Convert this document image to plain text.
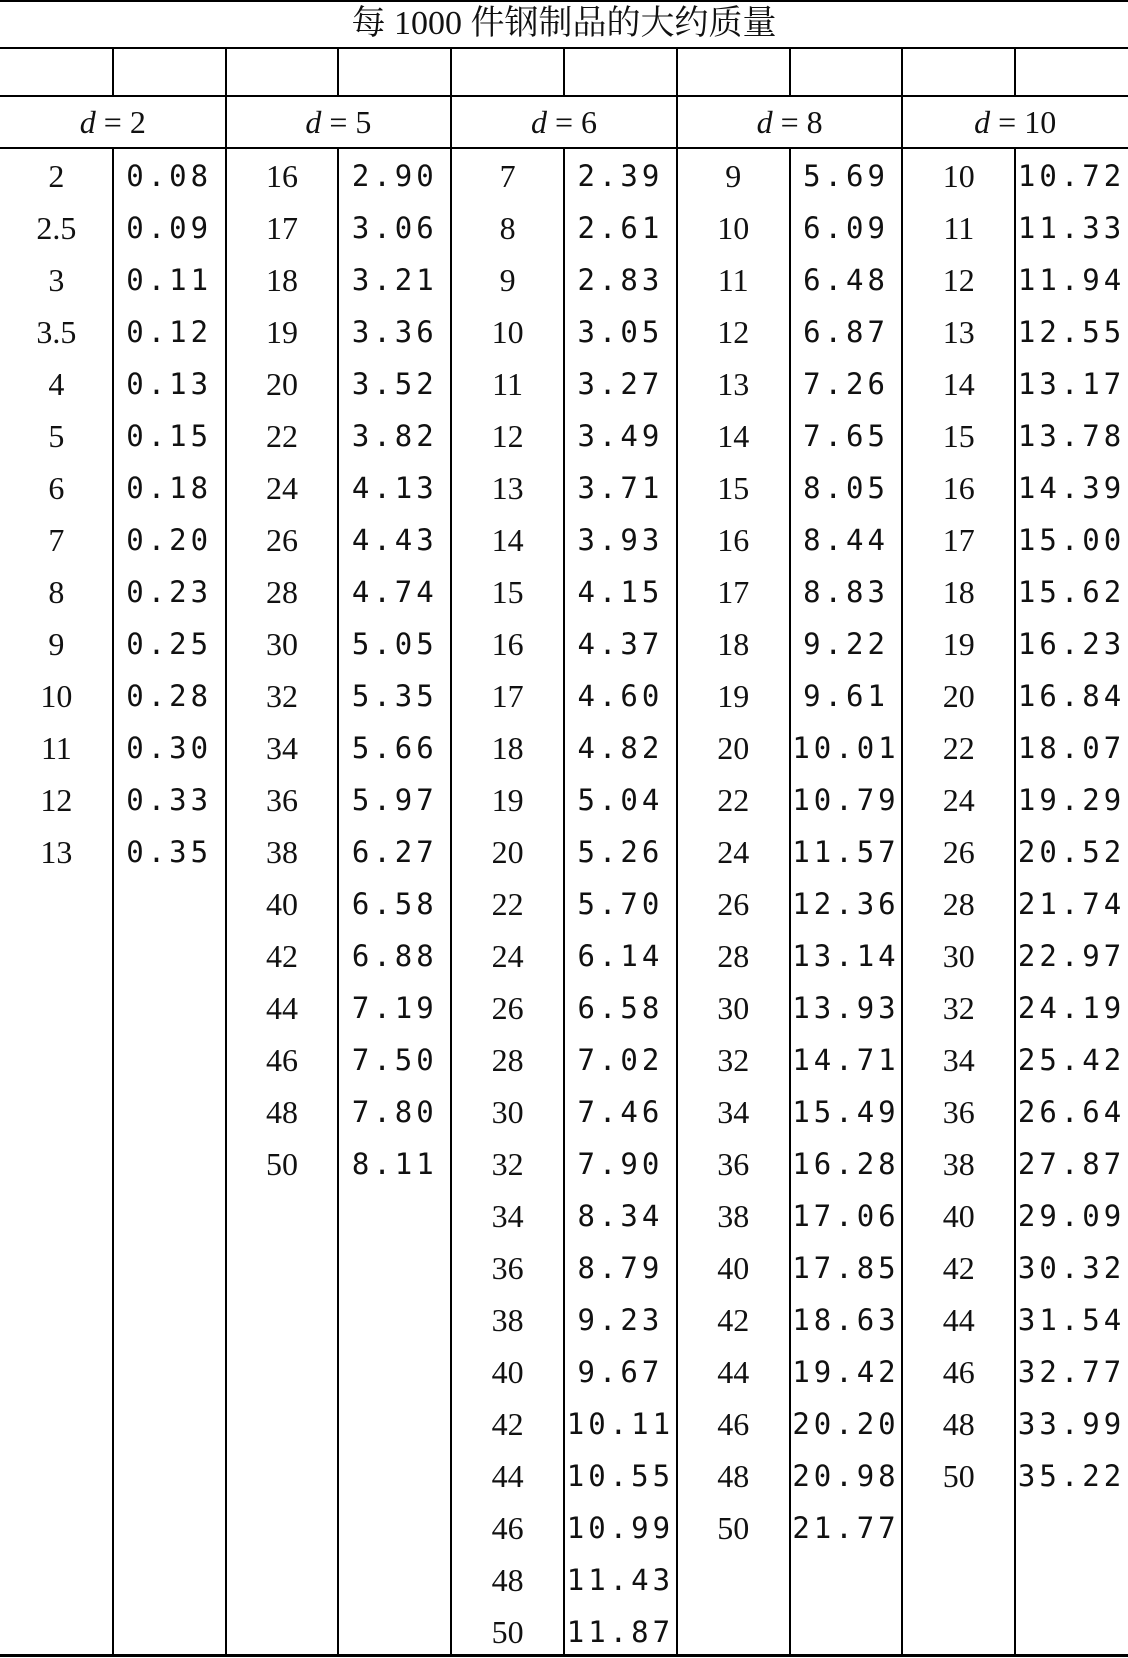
每 1000 件钢制品的大约质量
d = 2
2	0.08
2.5	0.09
3	0.11
3.5	0.12
4	0.13
5	0.15
6	0.18
7	0.20
8	0.23
9	0.25
10	0.28
11	0.30
12	0.33
13	0.35
d = 5
16	2.90
17	3.06
18	3.21
19	3.36
20	3.52
22	3.82
24	4.13
26	4.43
28	4.74
30	5.05
32	5.35
34	5.66
36	5.97
38	6.27
40	6.58
42	6.88
44	7.19
46	7.50
48	7.80
50	8.11
d = 6
7	2.39
8	2.61
9	2.83
10	3.05
11	3.27
12	3.49
13	3.71
14	3.93
15	4.15
16	4.37
17	4.60
18	4.82
19	5.04
20	5.26
22	5.70
24	6.14
26	6.58
28	7.02
30	7.46
32	7.90
34	8.34
36	8.79
38	9.23
40	9.67
42	10.11
44	10.55
46	10.99
48	11.43
50	11.87
d = 8
9	5.69
10	6.09
11	6.48
12	6.87
13	7.26
14	7.65
15	8.05
16	8.44
17	8.83
18	9.22
19	9.61
20	10.01
22	10.79
24	11.57
26	12.36
28	13.14
30	13.93
32	14.71
34	15.49
36	16.28
38	17.06
40	17.85
42	18.63
44	19.42
46	20.20
48	20.98
50	21.77
d = 10
10	10.72
11	11.33
12	11.94
13	12.55
14	13.17
15	13.78
16	14.39
17	15.00
18	15.62
19	16.23
20	16.84
22	18.07
24	19.29
26	20.52
28	21.74
30	22.97
32	24.19
34	25.42
36	26.64
38	27.87
40	29.09
42	30.32
44	31.54
46	32.77
48	33.99
50	35.22
